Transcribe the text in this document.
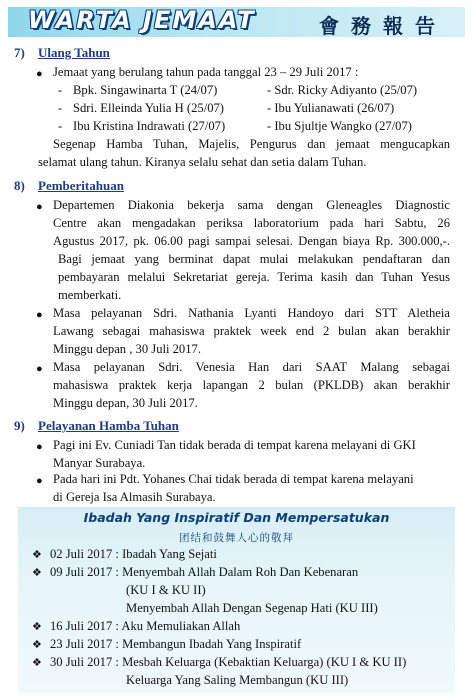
WARTA JEMAAT	會務報告
7) Ulang Tahun
● Jemaat yang berulang tahun pada tanggal 23 – 29 Juli 2017 :
- Bpk. Singawinarta T (24/07)	- Sdr. Ricky Adiyanto (25/07)
- Sdri. Elleinda Yulia H (25/07)	- Ibu Yulianawati (26/07)
- Ibu Kristina Indrawati (27/07)	- Ibu Sjultje Wangko (27/07)
Segenap Hamba Tuhan, Majelis, Pengurus dan jemaat mengucapkan
selamat ulang tahun. Kiranya selalu sehat dan setia dalam Tuhan.
8) Pemberitahuan
● Departemen Diakonia bekerja sama dengan Gleneagles Diagnostic
Centre akan mengadakan periksa laboratorium pada hari Sabtu, 26
Agustus 2017, pk. 06.00 pagi sampai selesai. Dengan biaya Rp. 300.000,-.
Bagi jemaat yang berminat dapat mulai melakukan pendaftaran dan
pembayaran melalui Sekretariat gereja. Terima kasih dan Tuhan Yesus
memberkati.
● Masa pelayanan Sdri. Nathania Lyanti Handoyo dari STT Aletheia
Lawang sebagai mahasiswa praktek week end 2 bulan akan berakhir
Minggu depan , 30 Juli 2017.
● Masa pelayanan Sdri. Venesia Han dari SAAT Malang sebagai
mahasiswa praktek kerja lapangan 2 bulan (PKLDB) akan berakhir
Minggu depan, 30 Juli 2017.
9) Pelayanan Hamba Tuhan
● Pagi ini Ev. Cuniadi Tan tidak berada di tempat karena melayani di GKI
Manyar Surabaya.
● Pada hari ini Pdt. Yohanes Chai tidak berada di tempat karena melayani
di Gereja Isa Almasih Surabaya.
Ibadah Yang Inspiratif Dan Mempersatukan
团结和鼓舞人心的敬拜
❖ 02 Juli 2017 : Ibadah Yang Sejati
❖ 09 Juli 2017 : Menyembah Allah Dalam Roh Dan Kebenaran
(KU I & KU II)
Menyembah Allah Dengan Segenap Hati (KU III)
❖ 16 Juli 2017 : Aku Memuliakan Allah
❖ 23 Juli 2017 : Membangun Ibadah Yang Inspiratif
❖ 30 Juli 2017 : Mesbah Keluarga (Kebaktian Keluarga) (KU I & KU II)
Keluarga Yang Saling Membangun (KU III)
